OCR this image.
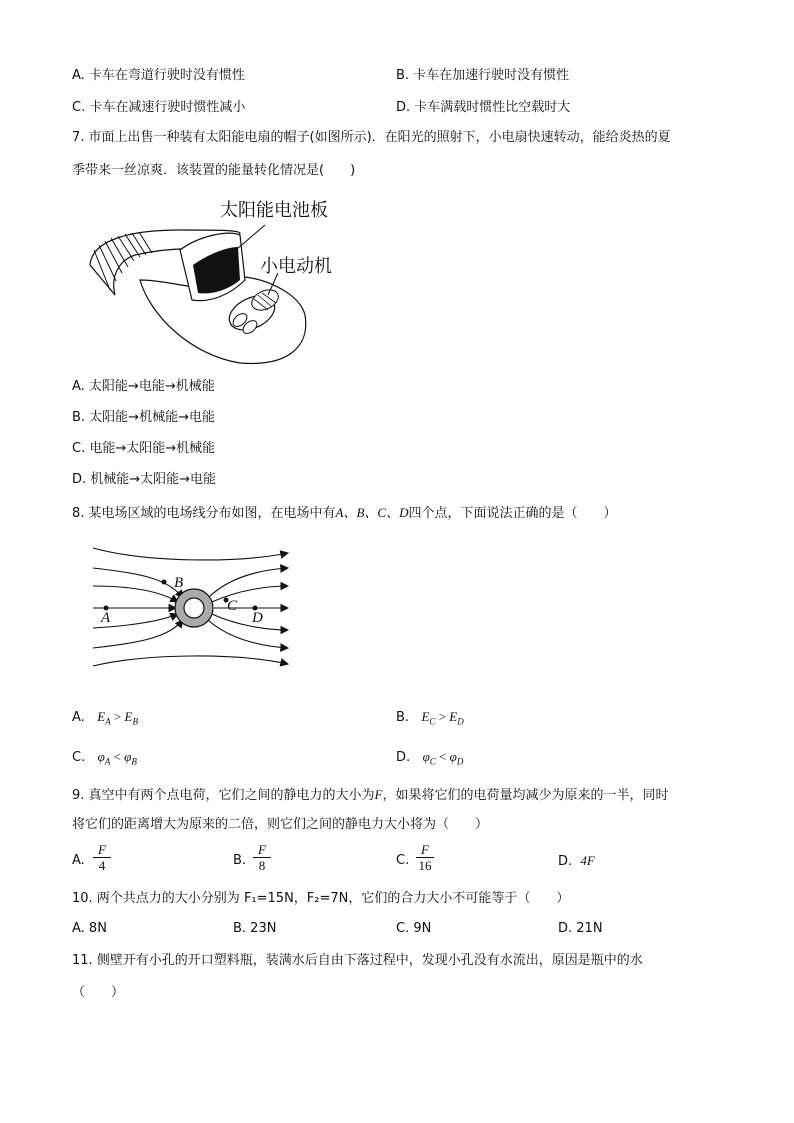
A. 卡车在弯道行驶时没有惯性	B. 卡车在加速行驶时没有惯性
C. 卡车在减速行驶时惯性减小	D. 卡车满载时惯性比空载时大
7. 市面上出售一种装有太阳能电扇的帽子(如图所示)．在阳光的照射下，小电扇快速转动，能给炎热的夏
季带来一丝凉爽．该装置的能量转化情况是(　　)
太阳能电池板
小电动机
A. 太阳能→电能→机械能
B. 太阳能→机械能→电能
C. 电能→太阳能→机械能
D. 机械能→太阳能→电能
8. 某电场区域的电场线分布如图，在电场中有A、B、C、D四个点，下面说法正确的是（　　）
A
B
C
D
A. $E_A > E_B$	B. $E_C > E_D$
C. $\varphi_A < \varphi_B$	D. $\varphi_C < \varphi_D$
9. 真空中有两个点电荷，它们之间的静电力的大小为F，如果将它们的电荷量均减少为原来的一半，同时
将它们的距离增大为原来的二倍，则它们之间的静电力大小将为（　　）
A. $\frac{F}{4}$	B. $\frac{F}{8}$	C. $\frac{F}{16}$	D. 4F
10. 两个共点力的大小分别为 F₁=15N，F₂=7N，它们的合力大小不可能等于（　　）
A. 8N	B. 23N	C. 9N	D. 21N
11. 侧壁开有小孔的开口塑料瓶，装满水后自由下落过程中，发现小孔没有水流出，原因是瓶中的水
（　　）
